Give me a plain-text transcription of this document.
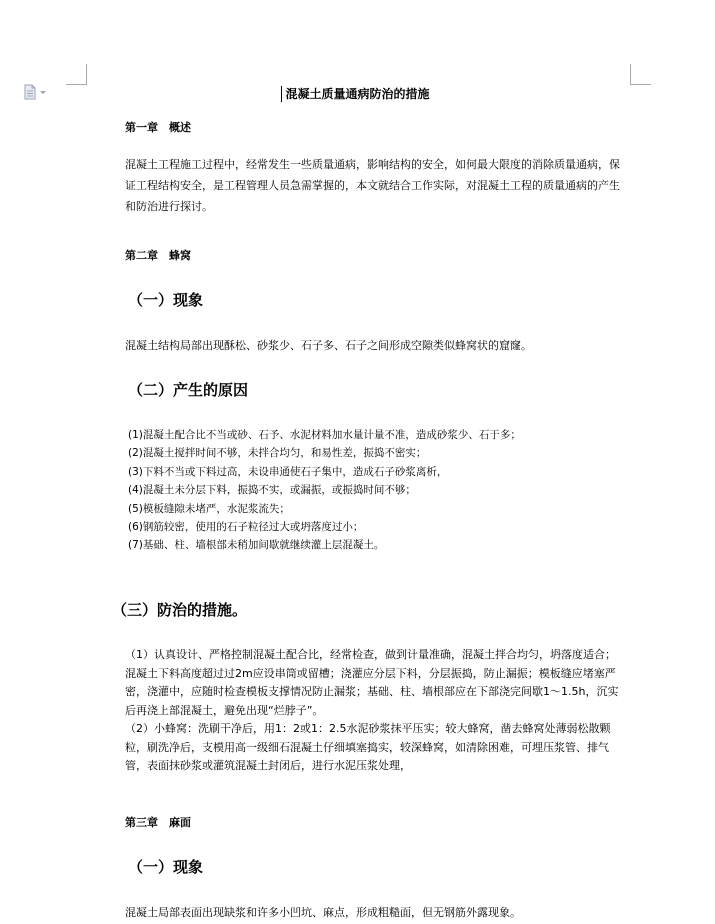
混凝土质量通病防治的措施
第一章　概述

混凝土工程施工过程中，经常发生一些质量通病，影响结构的安全，如何最大限度的消除质量通病，保证工程结构安全，是工程管理人员急需掌握的，本文就结合工作实际，对混凝土工程的质量通病的产生和防治进行探讨。

第二章　蜂窝
（一）现象

混凝土结构局部出现酥松、砂浆少、石子多、石子之间形成空隙类似蜂窝状的窟窿。

（二）产生的原因
(1)混凝土配合比不当或砂、石予、水泥材料加水量计量不准，造成砂浆少、石于多；
(2)混凝土搅拌时间不够，未拌合均匀，和易性差，振捣不密实；
(3)下料不当或下料过高，未设串通使石子集中，造成石子砂浆离析，
(4)混凝土未分层下料，振捣不实，或漏振，或振捣时间不够；
(5)模板缝隙未堵严，水泥浆流失；
(6)钢筋较密，使用的石子粒径过大或坍落度过小；
(7)基础、柱、墙根部未稍加间歇就继续灌上层混凝土。
（三）防治的措施。

（1）认真设计、严格控制混凝土配合比，经常检查，做到计量准确，混凝土拌合均匀，坍落度适合；混凝土下料高度超过过2m应设串筒或留槽；浇灌应分层下料，分层振捣，防止漏振；模板缝应堵塞严密，浇灌中，应随时检查模板支撑情况防止漏浆；基础、柱、墙根部应在下部浇完间歇1～1.5h，沉实后再浇上部混凝土，避免出现“烂脖子”。

（2）小蜂窝：洗刷干净后，用1：2或1：2.5水泥砂浆抹平压实；较大蜂窝，凿去蜂窝处薄弱松散颗粒，刷洗净后，支模用高一级细石混凝土仔细填塞捣实，较深蜂窝，如清除困难，可埋压浆管、排气管，表面抹砂浆或灌筑混凝土封闭后，进行水泥压浆处理，

第三章　麻面
（一）现象

混凝土局部表面出现缺浆和许多小凹坑、麻点，形成粗糙面，但无钢筋外露现象。
